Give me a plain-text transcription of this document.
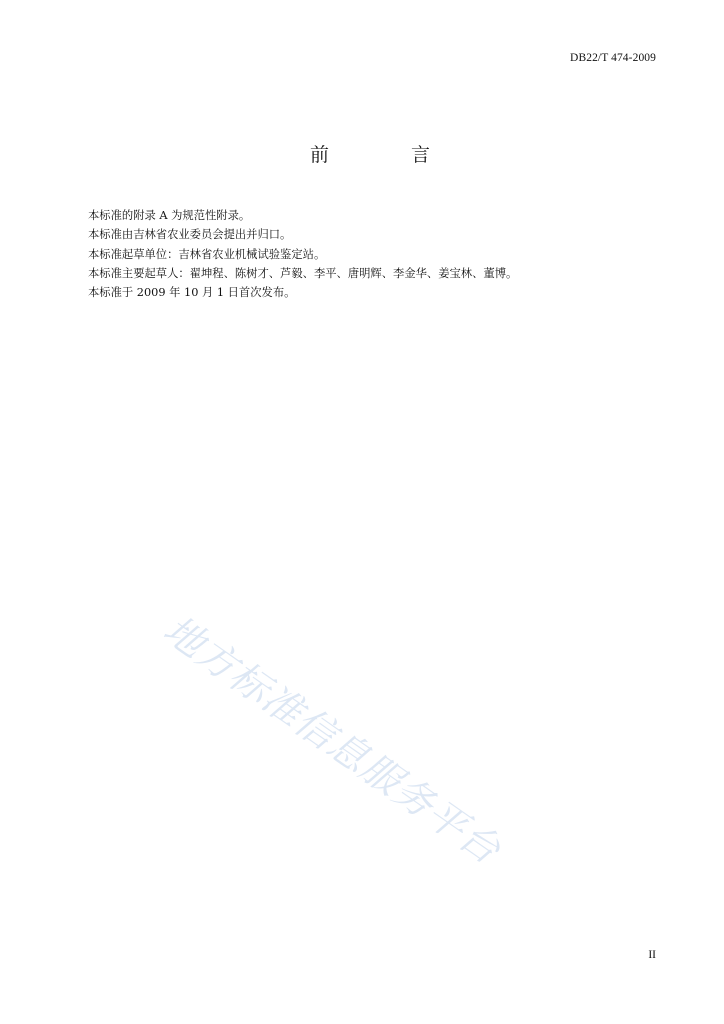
DB22/T 474-2009
前	言

本标准的附录 A 为规范性附录。

本标准由吉林省农业委员会提出并归口。

本标准起草单位：吉林省农业机械试验鉴定站。

本标准主要起草人：翟坤程、陈树才、芦毅、李平、唐明辉、李金华、姜宝林、董博。

本标准于 2009 年 10 月 1 日首次发布。

地方标准信息服务平台
II
